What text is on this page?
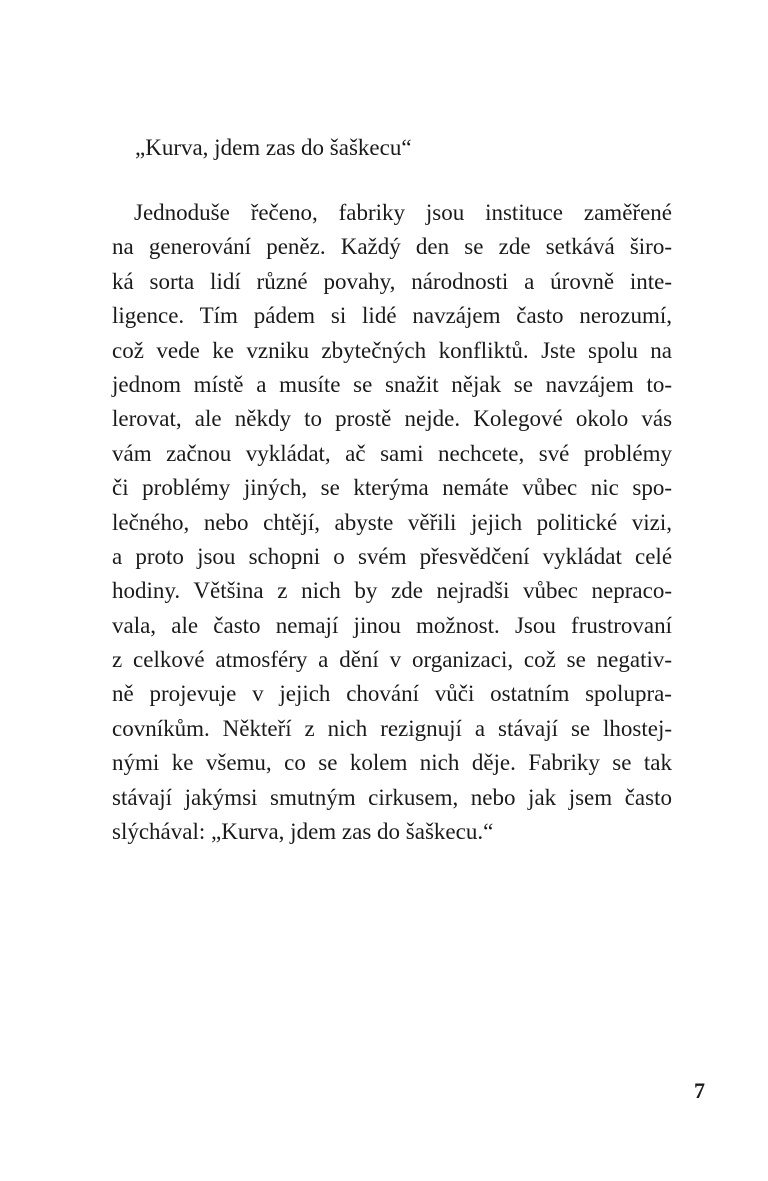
„Kurva, jdem zas do šaškecu“
Jednoduše řečeno, fabriky jsou instituce zaměřené
na generování peněz. Každý den se zde setkává širo-
ká sorta lidí různé povahy, národnosti a úrovně inte-
ligence. Tím pádem si lidé navzájem často nerozumí,
což vede ke vzniku zbytečných konfliktů. Jste spolu na
jednom místě a musíte se snažit nějak se navzájem to-
lerovat, ale někdy to prostě nejde. Kolegové okolo vás
vám začnou vykládat, ač sami nechcete, své problémy
či problémy jiných, se kterýma nemáte vůbec nic spo-
lečného, nebo chtějí, abyste věřili jejich politické vizi,
a proto jsou schopni o svém přesvědčení vykládat celé
hodiny. Většina z nich by zde nejradši vůbec nepraco-
vala, ale často nemají jinou možnost. Jsou frustrovaní
z celkové atmosféry a dění v organizaci, což se negativ-
ně projevuje v jejich chování vůči ostatním spolupra-
covníkům. Někteří z nich rezignují a stávají se lhostej-
nými ke všemu, co se kolem nich děje. Fabriky se tak
stávají jakýmsi smutným cirkusem, nebo jak jsem často
slýchával: „Kurva, jdem zas do šaškecu.“
7
